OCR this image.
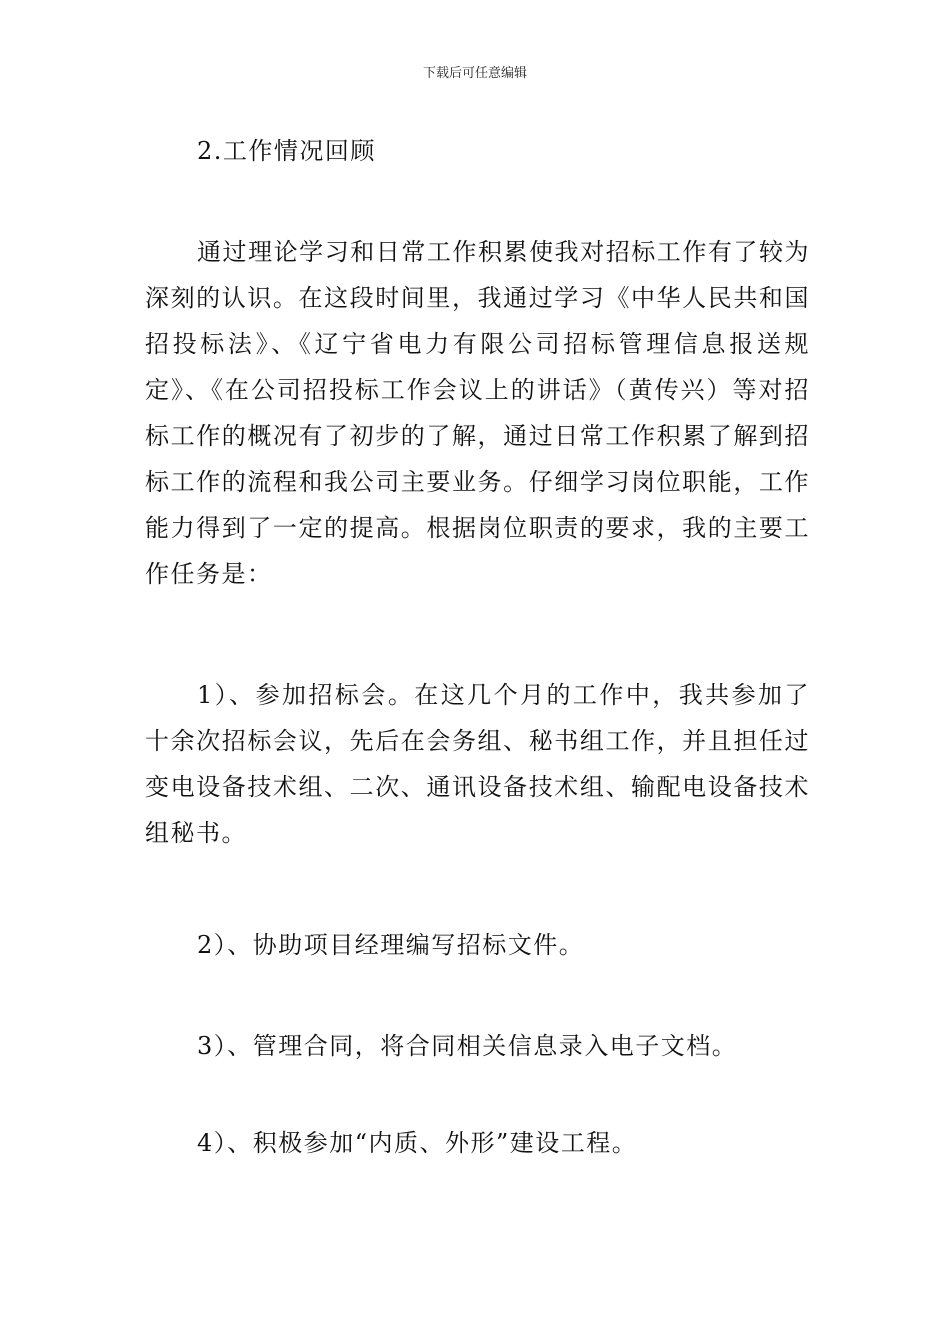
下载后可任意编辑

2.工作情况回顾

通过理论学习和日常工作积累使我对招标工作有了较为深刻的认识。在这段时间里，我通过学习《中华人民共和国招投标法》、《辽宁省电力有限公司招标管理信息报送规定》、《在公司招投标工作会议上的讲话》（黄传兴）等对招标工作的概况有了初步的了解，通过日常工作积累了解到招标工作的流程和我公司主要业务。仔细学习岗位职能，工作能力得到了一定的提高。根据岗位职责的要求，我的主要工作任务是：

1）、参加招标会。在这几个月的工作中，我共参加了十余次招标会议，先后在会务组、秘书组工作，并且担任过变电设备技术组、二次、通讯设备技术组、输配电设备技术组秘书。

2）、协助项目经理编写招标文件。

3）、管理合同，将合同相关信息录入电子文档。

4）、积极参加“内质、外形”建设工程。
